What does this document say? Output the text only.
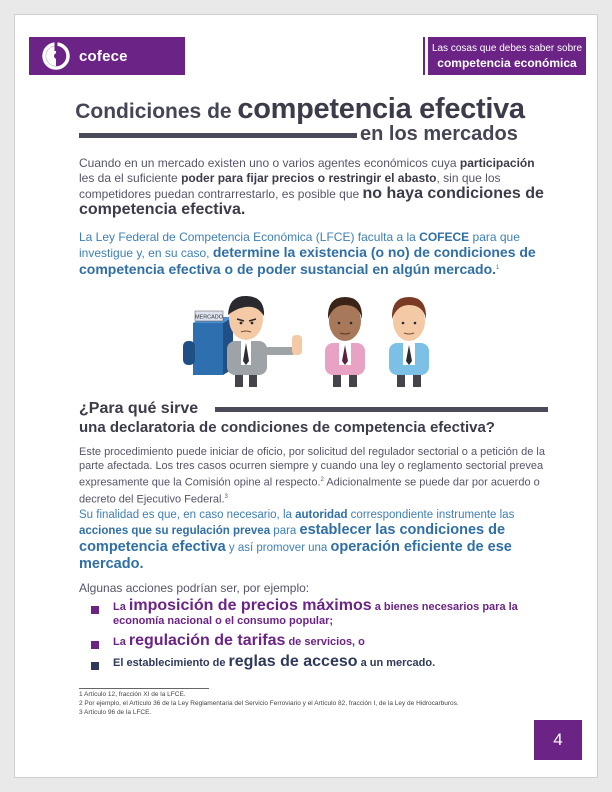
cofece	Las cosas que debes saber sobre
competencia económica
Condiciones de competencia efectiva
en los mercados

Cuando en un mercado existen uno o varios agentes económicos cuya participación les da el suficiente poder para fijar precios o restringir el abasto, sin que los competidores puedan contrarrestarlo, es posible que no haya condiciones de competencia efectiva.

La Ley Federal de Competencia Económica (LFCE) faculta a la COFECE para que investigue y, en su caso, determine la existencia (o no) de condiciones de competencia efectiva o de poder sustancial en algún mercado.$^1$

MERCADO
¿Para qué sirve
una declaratoria de condiciones de competencia efectiva?

Este procedimiento puede iniciar de oficio, por solicitud del regulador sectorial o a petición de la parte afectada. Los tres casos ocurren siempre y cuando una ley o reglamento sectorial prevea expresamente que la Comisión opine al respecto.$^2$ Adicionalmente se puede dar por acuerdo o decreto del Ejecutivo Federal.$^3$

Su finalidad es que, en caso necesario, la autoridad correspondiente instrumente las acciones que su regulación prevea para establecer las condiciones de competencia efectiva y así promover una operación eficiente de ese mercado.

Algunas acciones podrían ser, por ejemplo:

La imposición de precios máximos a bienes necesarios para la economía nacional o el consumo popular;
La regulación de tarifas de servicios, o
El establecimiento de reglas de acceso a un mercado.
1 Artículo 12, fracción XI de la LFCE.
2 Por ejemplo, el Artículo 36 de la Ley Reglamentaria del Servicio Ferroviario y el Artículo 82, fracción I, de la Ley de Hidrocarburos.
3 Artículo 96 de la LFCE.
4
